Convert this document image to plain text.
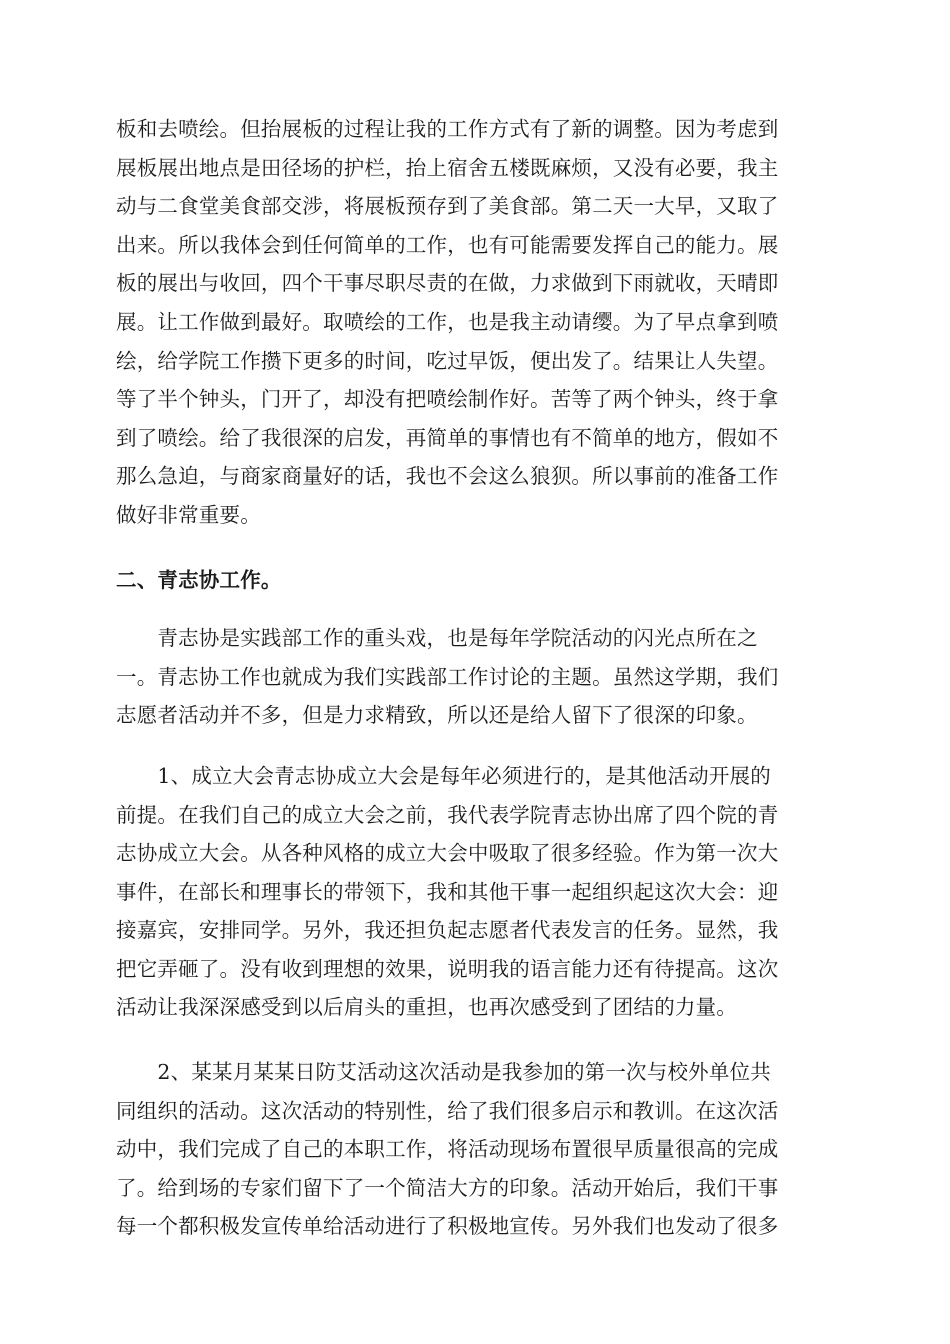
板和去喷绘。但抬展板的过程让我的工作方式有了新的调整。因为考虑到
展板展出地点是田径场的护栏，抬上宿舍五楼既麻烦，又没有必要，我主
动与二食堂美食部交涉，将展板预存到了美食部。第二天一大早，又取了
出来。所以我体会到任何简单的工作，也有可能需要发挥自己的能力。展
板的展出与收回，四个干事尽职尽责的在做，力求做到下雨就收，天晴即
展。让工作做到最好。取喷绘的工作，也是我主动请缨。为了早点拿到喷
绘，给学院工作攒下更多的时间，吃过早饭，便出发了。结果让人失望。
等了半个钟头，门开了，却没有把喷绘制作好。苦等了两个钟头，终于拿
到了喷绘。给了我很深的启发，再简单的事情也有不简单的地方，假如不
那么急迫，与商家商量好的话，我也不会这么狼狈。所以事前的准备工作
做好非常重要。

二、青志协工作。

　　青志协是实践部工作的重头戏，也是每年学院活动的闪光点所在之
一。青志协工作也就成为我们实践部工作讨论的主题。虽然这学期，我们
志愿者活动并不多，但是力求精致，所以还是给人留下了很深的印象。

　　1、成立大会青志协成立大会是每年必须进行的，是其他活动开展的
前提。在我们自己的成立大会之前，我代表学院青志协出席了四个院的青
志协成立大会。从各种风格的成立大会中吸取了很多经验。作为第一次大
事件，在部长和理事长的带领下，我和其他干事一起组织起这次大会：迎
接嘉宾，安排同学。另外，我还担负起志愿者代表发言的任务。显然，我
把它弄砸了。没有收到理想的效果，说明我的语言能力还有待提高。这次
活动让我深深感受到以后肩头的重担，也再次感受到了团结的力量。

　　2、某某月某某日防艾活动这次活动是我参加的第一次与校外单位共
同组织的活动。这次活动的特别性，给了我们很多启示和教训。在这次活
动中，我们完成了自己的本职工作，将活动现场布置很早质量很高的完成
了。给到场的专家们留下了一个简洁大方的印象。活动开始后，我们干事
每一个都积极发宣传单给活动进行了积极地宣传。另外我们也发动了很多
